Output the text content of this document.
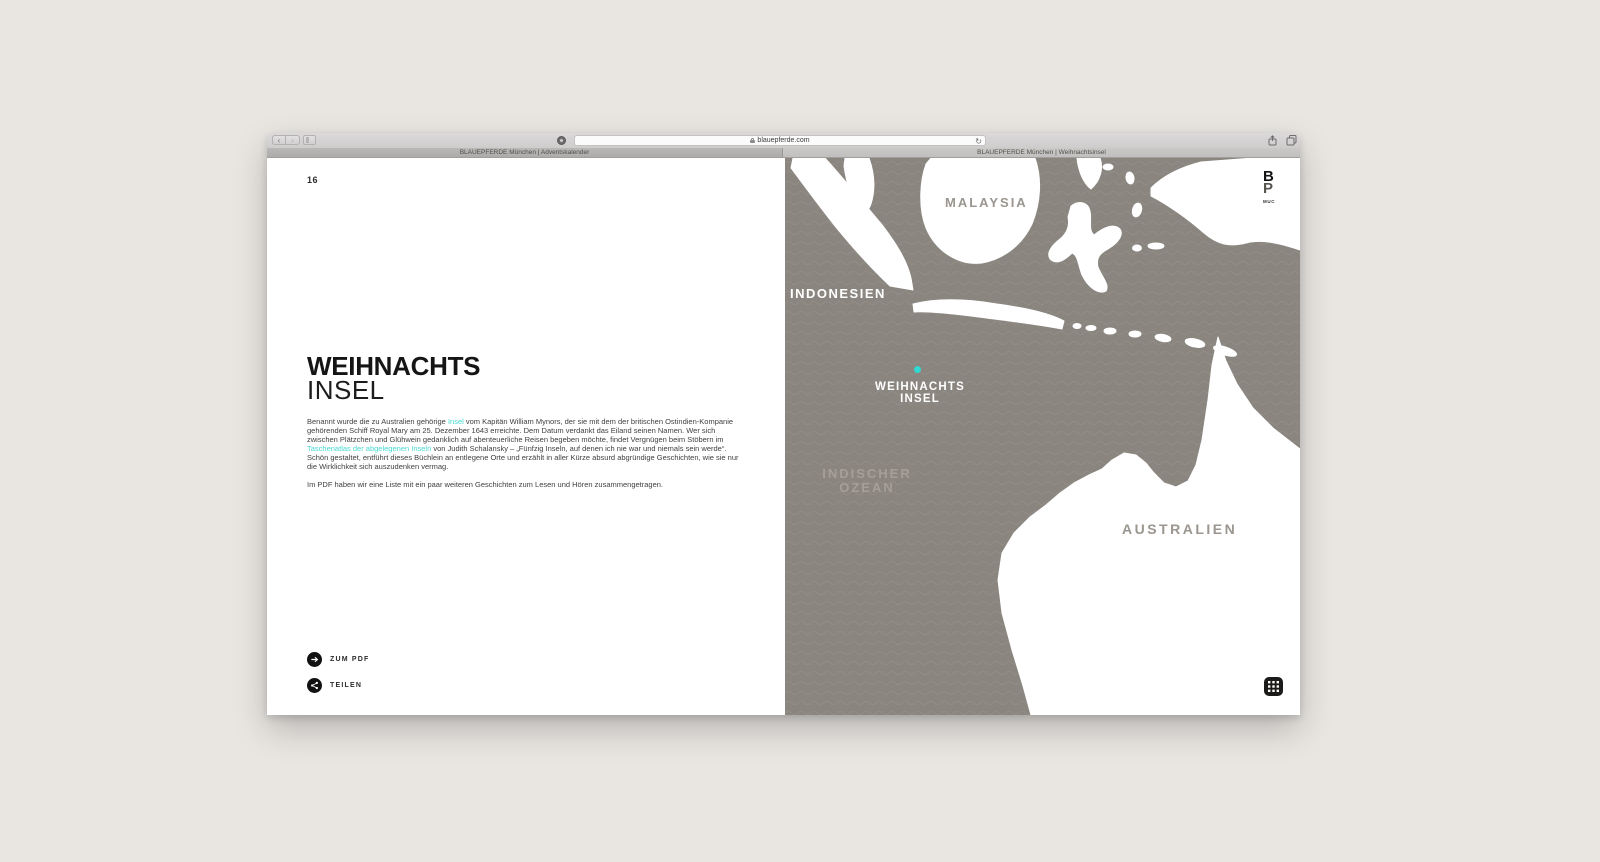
‹	›	blauepferde.com	↻
BLAUEPFERDE München | Adventskalender	BLAUEPFERDE München | Weihnachtsinsel
16
WEIHNACHTS
INSEL

Benannt wurde die zu Australien gehörige Insel vom Kapitän William Mynors, der sie mit dem der britischen Ostindien-Kompanie gehörenden Schiff Royal Mary am 25. Dezember 1643 erreichte. Dem Datum verdankt das Eiland seinen Namen. Wer sich zwischen Plätzchen und Glühwein gedanklich auf abenteuerliche Reisen begeben möchte, findet Vergnügen beim Stöbern im Taschenatlas der abgelegenen Inseln von Judith Schalansky – „Fünfzig Inseln, auf denen ich nie war und niemals sein werde“. Schön gestaltet, entführt dieses Büchlein an entlegene Orte und erzählt in aller Kürze absurd abgründige Geschichten, wie sie nur die Wirklichkeit sich auszudenken vermag.

Im PDF haben wir eine Liste mit ein paar weiteren Geschichten zum Lesen und Hören zusammengetragen.

ZUM PDF
TEILEN
MALAYSIA
INDONESIEN
WEIHNACHTS
INSEL
INDISCHER
OZEAN
AUSTRALIEN
B
P
MUC
